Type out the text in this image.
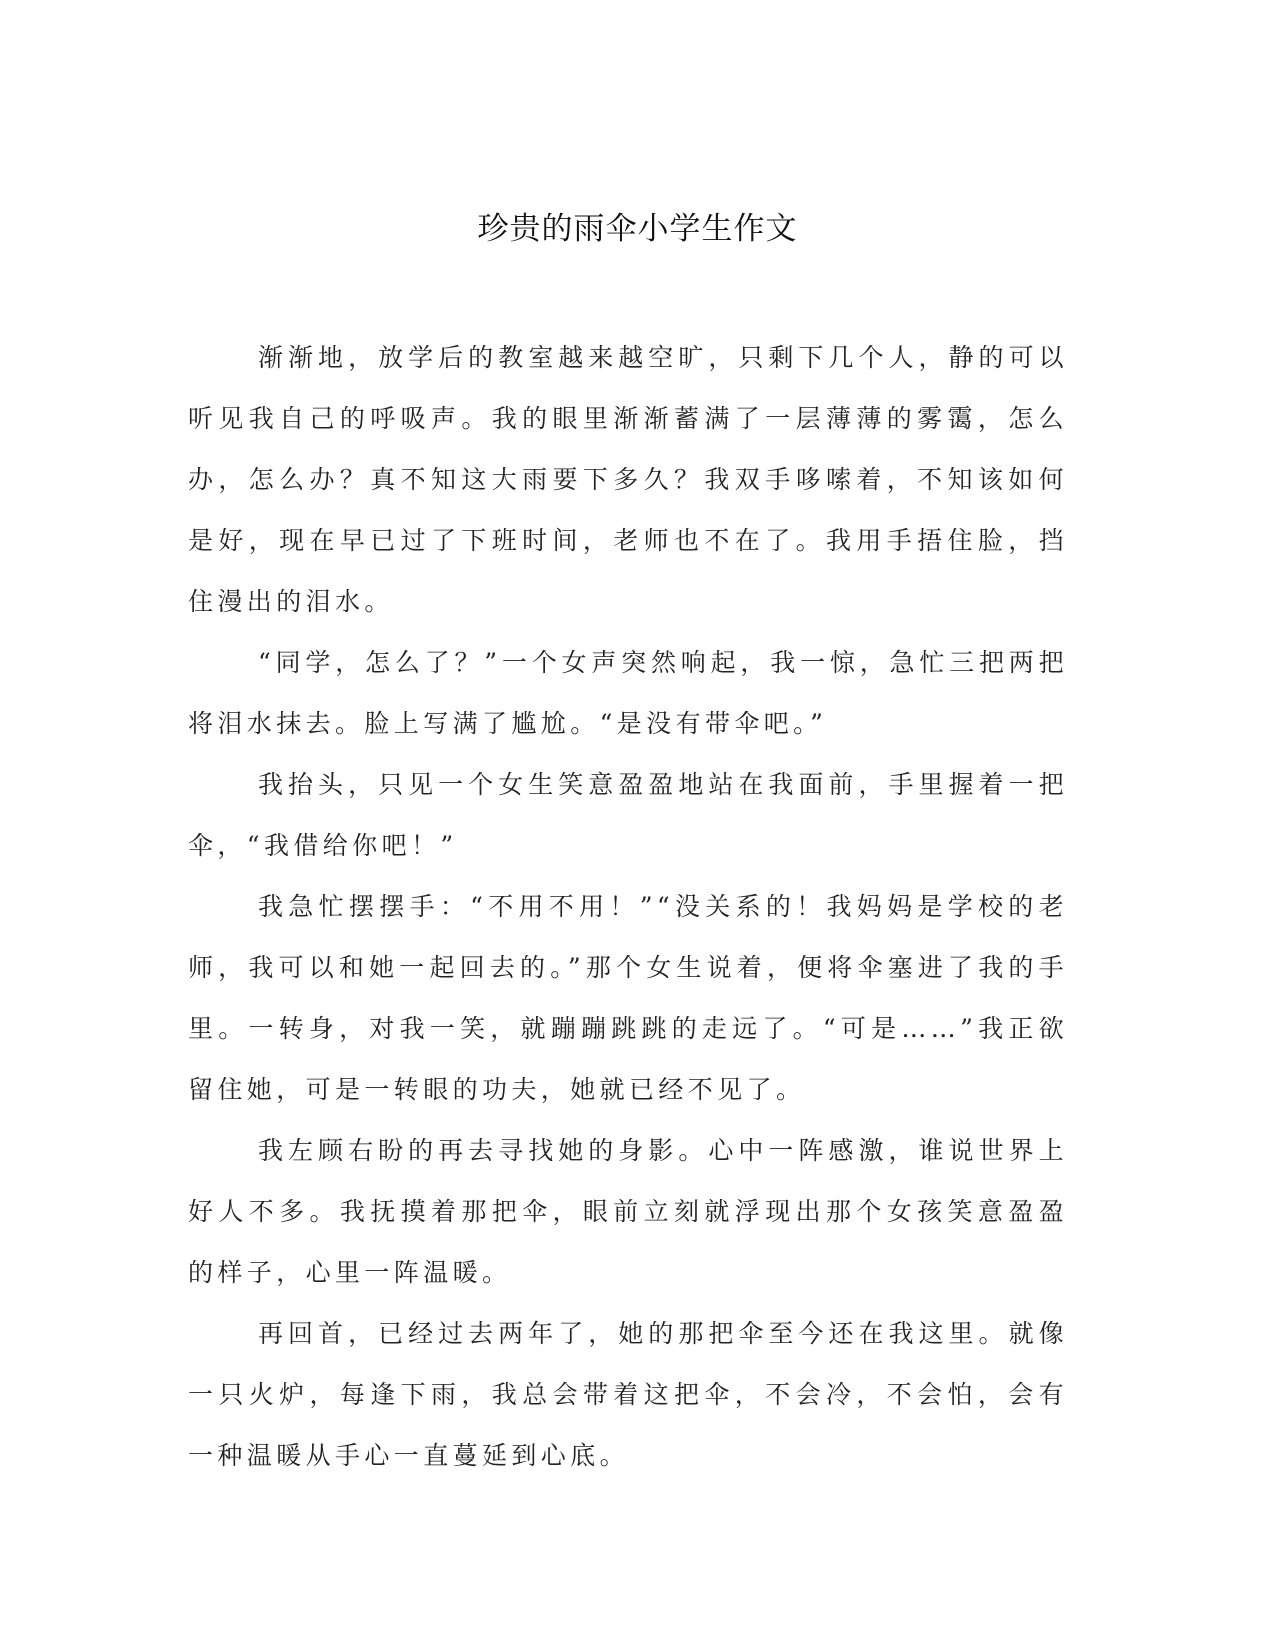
珍贵的雨伞小学生作文

渐渐地，放学后的教室越来越空旷，只剩下几个人，静的可以听见我自己的呼吸声。我的眼里渐渐蓄满了一层薄薄的雾霭，怎么办，怎么办？真不知这大雨要下多久？我双手哆嗦着，不知该如何是好，现在早已过了下班时间，老师也不在了。我用手捂住脸，挡住漫出的泪水。

“同学，怎么了？”一个女声突然响起，我一惊，急忙三把两把将泪水抹去。脸上写满了尴尬。“是没有带伞吧。”

我抬头，只见一个女生笑意盈盈地站在我面前，手里握着一把伞，“我借给你吧！”

我急忙摆摆手：“不用不用！”“没关系的！我妈妈是学校的老师，我可以和她一起回去的。”那个女生说着，便将伞塞进了我的手里。一转身，对我一笑，就蹦蹦跳跳的走远了。“可是……”我正欲留住她，可是一转眼的功夫，她就已经不见了。

我左顾右盼的再去寻找她的身影。心中一阵感激，谁说世界上好人不多。我抚摸着那把伞，眼前立刻就浮现出那个女孩笑意盈盈的样子，心里一阵温暖。

再回首，已经过去两年了，她的那把伞至今还在我这里。就像一只火炉，每逢下雨，我总会带着这把伞，不会冷，不会怕，会有一种温暖从手心一直蔓延到心底。
